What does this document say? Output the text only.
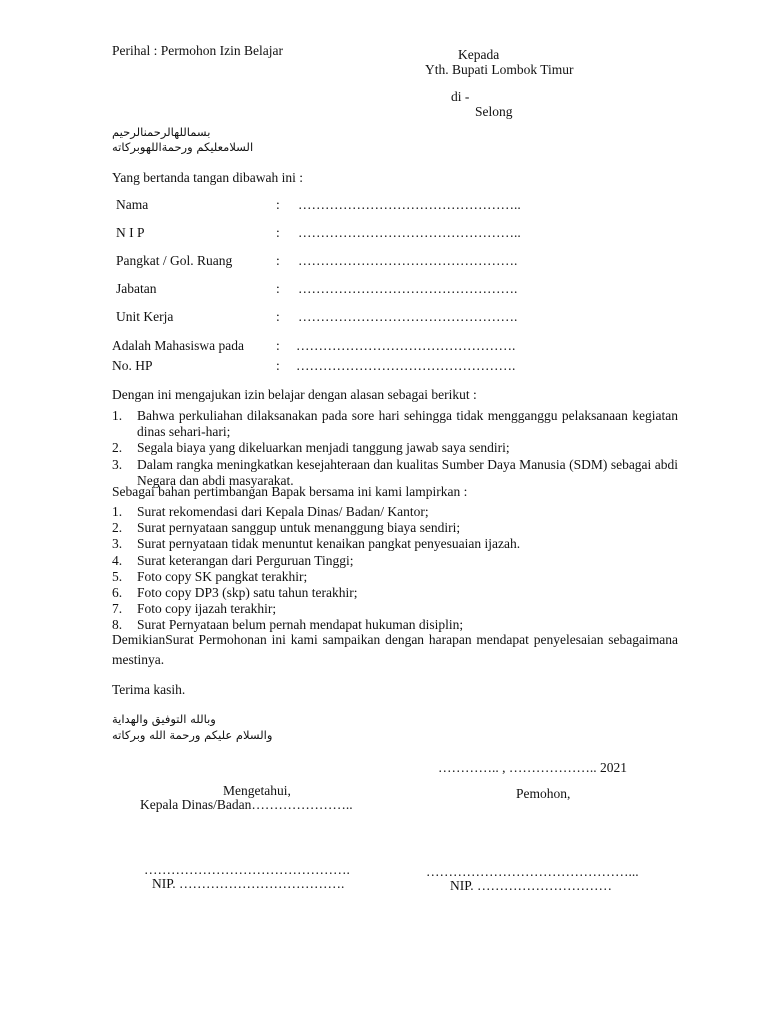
Perihal : Permohon Izin Belajar	Kepada
Yth. Bupati Lombok Timur
di -
Selong
بسماللهالرحمنالرحيم
السلامعليكم ورحمةاللهوبركاته
Yang bertanda tangan dibawah ini :
Nama	: …………………………………………..
N I P	: …………………………………………..
Pangkat / Gol. Ruang	: ………………………………………….
Jabatan	: ………………………………………….
Unit Kerja	: ………………………………………….
Adalah Mahasiswa pada : ………………………………………….
No. HP	: ………………………………………….
Dengan ini mengajukan izin belajar dengan alasan sebagai berikut :
1. Bahwa perkuliahan dilaksanakan pada sore hari sehingga tidak mengganggu pelaksanaan kegiatan dinas sehari-hari;
2. Segala biaya yang dikeluarkan menjadi tanggung jawab saya sendiri;
3. Dalam rangka meningkatkan kesejahteraan dan kualitas Sumber Daya Manusia (SDM) sebagai abdi Negara dan abdi masyarakat.
Sebagai bahan pertimbangan Bapak bersama ini kami lampirkan :
1. Surat rekomendasi dari Kepala Dinas/ Badan/ Kantor;
2. Surat pernyataan sanggup untuk menanggung biaya sendiri;
3. Surat pernyataan tidak menuntut kenaikan pangkat penyesuaian ijazah.
4. Surat keterangan dari Perguruan Tinggi;
5. Foto copy SK pangkat terakhir;
6. Foto copy DP3 (skp) satu tahun terakhir;
7. Foto copy ijazah terakhir;
8. Surat Pernyataan belum pernah mendapat hukuman disiplin;
DemikianSurat Permohonan ini kami sampaikan dengan harapan mendapat penyelesaian sebagaimana mestinya.
Terima kasih.
وبالله التوفيق والهداية
والسلام عليكم ورحمة الله وبركاته
………….. , ……………….. 2021
Mengetahui,
Kepala Dinas/Badan…………………..
Pemohon,
……………………………………….
NIP. ……………………………….
………………………………………...
NIP. …………………………
